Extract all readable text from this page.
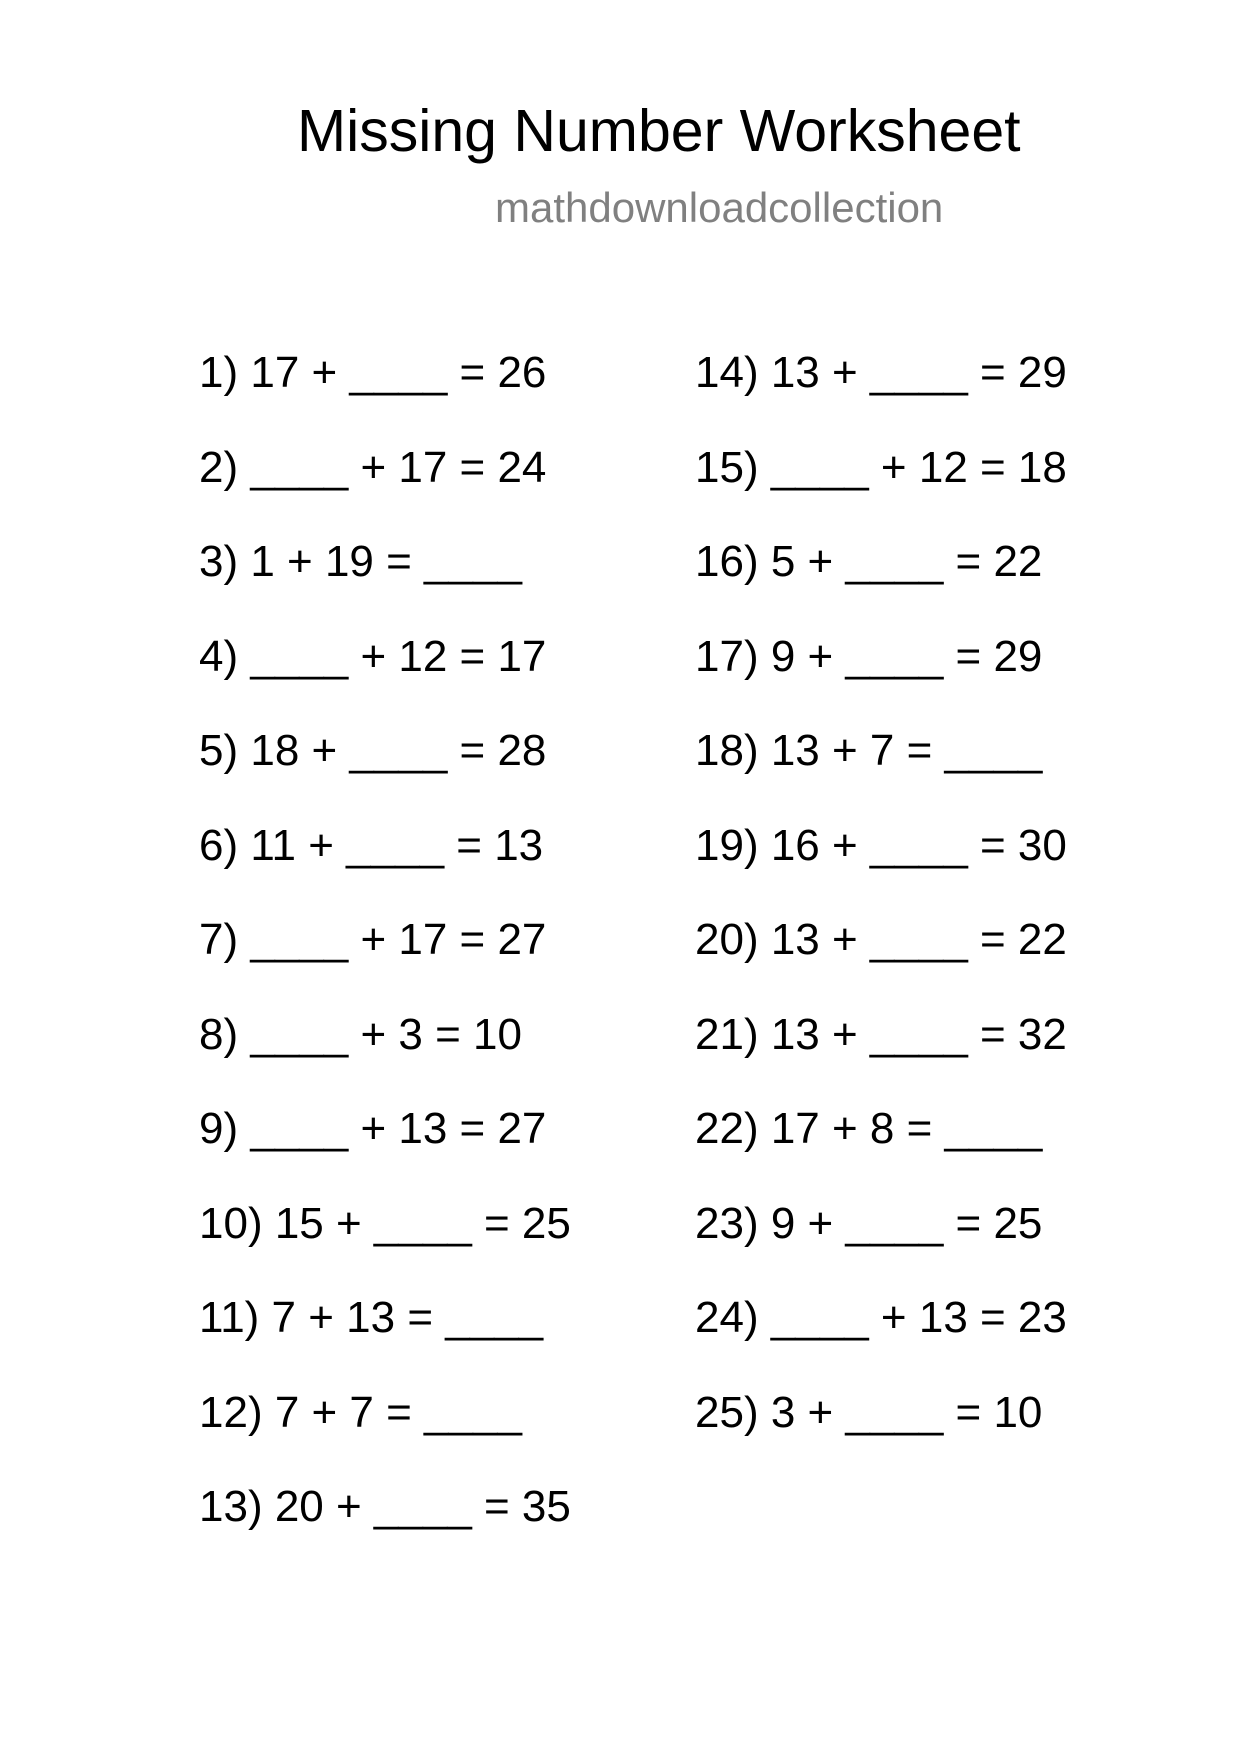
Missing Number Worksheet
mathdownloadcollection
1) 17 + ____ = 26
2) ____ + 17 = 24
3) 1 + 19 = ____
4) ____ + 12 = 17
5) 18 + ____ = 28
6) 11 + ____ = 13
7) ____ + 17 = 27
8) ____ + 3 = 10
9) ____ + 13 = 27
10) 15 + ____ = 25
11) 7 + 13 = ____
12) 7 + 7 = ____
13) 20 + ____ = 35
14) 13 + ____ = 29
15) ____ + 12 = 18
16) 5 + ____ = 22
17) 9 + ____ = 29
18) 13 + 7 = ____
19) 16 + ____ = 30
20) 13 + ____ = 22
21) 13 + ____ = 32
22) 17 + 8 = ____
23) 9 + ____ = 25
24) ____ + 13 = 23
25) 3 + ____ = 10
